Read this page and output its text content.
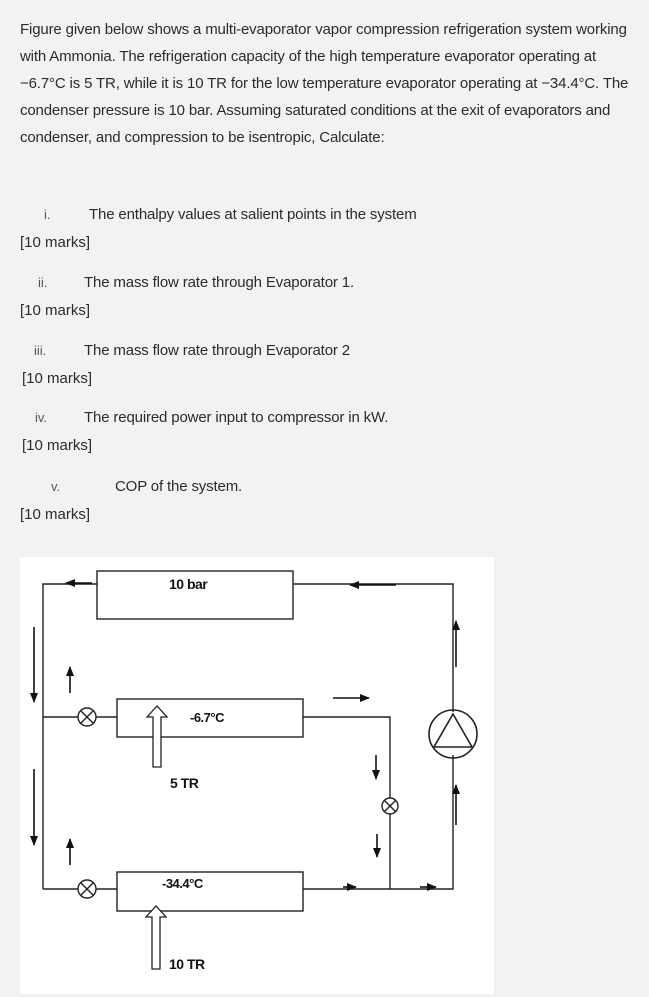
Figure given below shows a multi-evaporator vapor compression refrigeration system working with Ammonia. The refrigeration capacity of the high temperature evaporator operating at −6.7°C is 5 TR, while it is 10 TR for the low temperature evaporator operating at −34.4°C. The condenser pressure is 10 bar. Assuming saturated conditions at the exit of evaporators and condenser, and compression to be isentropic, Calculate:

i.	The enthalpy values at salient points in the system
[10 marks]
ii. The mass flow rate through Evaporator 1.
[10 marks]
iii.	The mass flow rate through Evaporator 2
[10 marks]
iv. The required power input to compressor in kW.
[10 marks]
v.	COP of the system.
[10 marks]
10 bar
-6.7°C
5 TR
-34.4°C
10 TR
